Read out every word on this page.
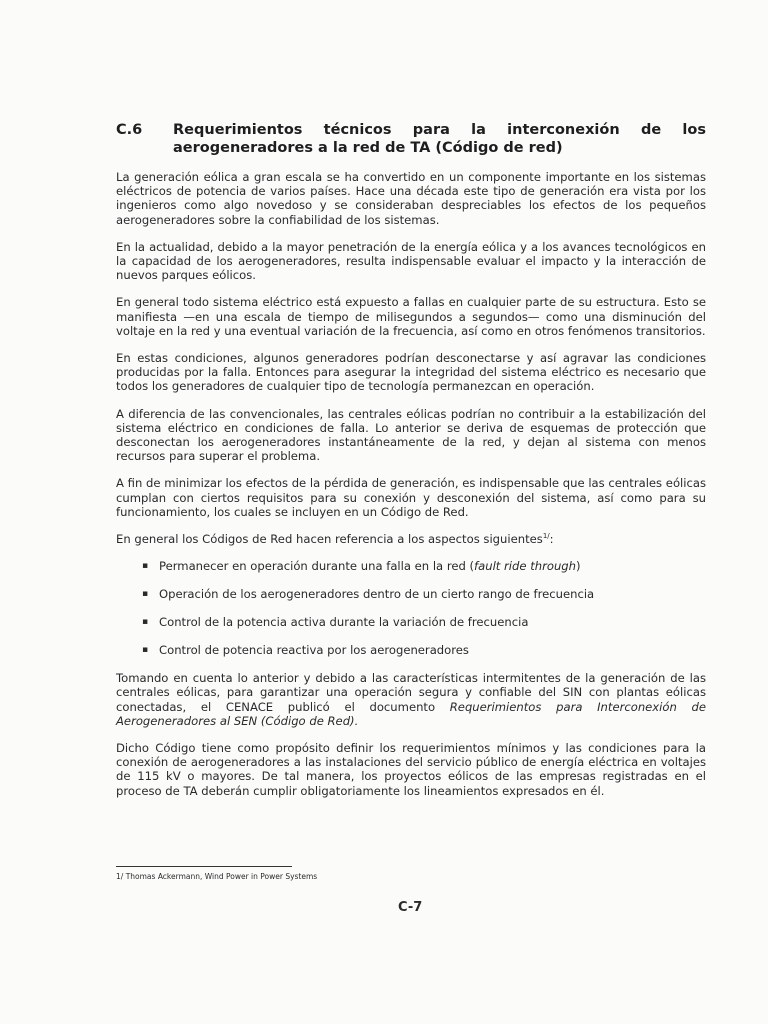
C.6 Requerimientos técnicos para la interconexión de los aerogeneradores a la red de TA (Código de red)

La generación eólica a gran escala se ha convertido en un componente importante en los sistemas eléctricos de potencia de varios países. Hace una década este tipo de generación era vista por los ingenieros como algo novedoso y se consideraban despreciables los efectos de los pequeños aerogeneradores sobre la confiabilidad de los sistemas.

En la actualidad, debido a la mayor penetración de la energía eólica y a los avances tecnológicos en la capacidad de los aerogeneradores, resulta indispensable evaluar el impacto y la interacción de nuevos parques eólicos.

En general todo sistema eléctrico está expuesto a fallas en cualquier parte de su estructura. Esto se manifiesta —en una escala de tiempo de milisegundos a segundos— como una disminución del voltaje en la red y una eventual variación de la frecuencia, así como en otros fenómenos transitorios.

En estas condiciones, algunos generadores podrían desconectarse y así agravar las condiciones producidas por la falla. Entonces para asegurar la integridad del sistema eléctrico es necesario que todos los generadores de cualquier tipo de tecnología permanezcan en operación.

A diferencia de las convencionales, las centrales eólicas podrían no contribuir a la estabilización del sistema eléctrico en condiciones de falla. Lo anterior se deriva de esquemas de protección que desconectan los aerogeneradores instantáneamente de la red, y dejan al sistema con menos recursos para superar el problema.

A fin de minimizar los efectos de la pérdida de generación, es indispensable que las centrales eólicas cumplan con ciertos requisitos para su conexión y desconexión del sistema, así como para su funcionamiento, los cuales se incluyen en un Código de Red.

En general los Códigos de Red hacen referencia a los aspectos siguientes$^{1/}$:

▪ Permanecer en operación durante una falla en la red (fault ride through)
▪ Operación de los aerogeneradores dentro de un cierto rango de frecuencia
▪ Control de la potencia activa durante la variación de frecuencia
▪ Control de potencia reactiva por los aerogeneradores

Tomando en cuenta lo anterior y debido a las características intermitentes de la generación de las centrales eólicas, para garantizar una operación segura y confiable del SIN con plantas eólicas conectadas, el CENACE publicó el documento Requerimientos para Interconexión de Aerogeneradores al SEN (Código de Red).

Dicho Código tiene como propósito definir los requerimientos mínimos y las condiciones para la conexión de aerogeneradores a las instalaciones del servicio público de energía eléctrica en voltajes de 115 kV o mayores. De tal manera, los proyectos eólicos de las empresas registradas en el proceso de TA deberán cumplir obligatoriamente los lineamientos expresados en él.

1/ Thomas Ackermann, Wind Power in Power Systems
C-7
